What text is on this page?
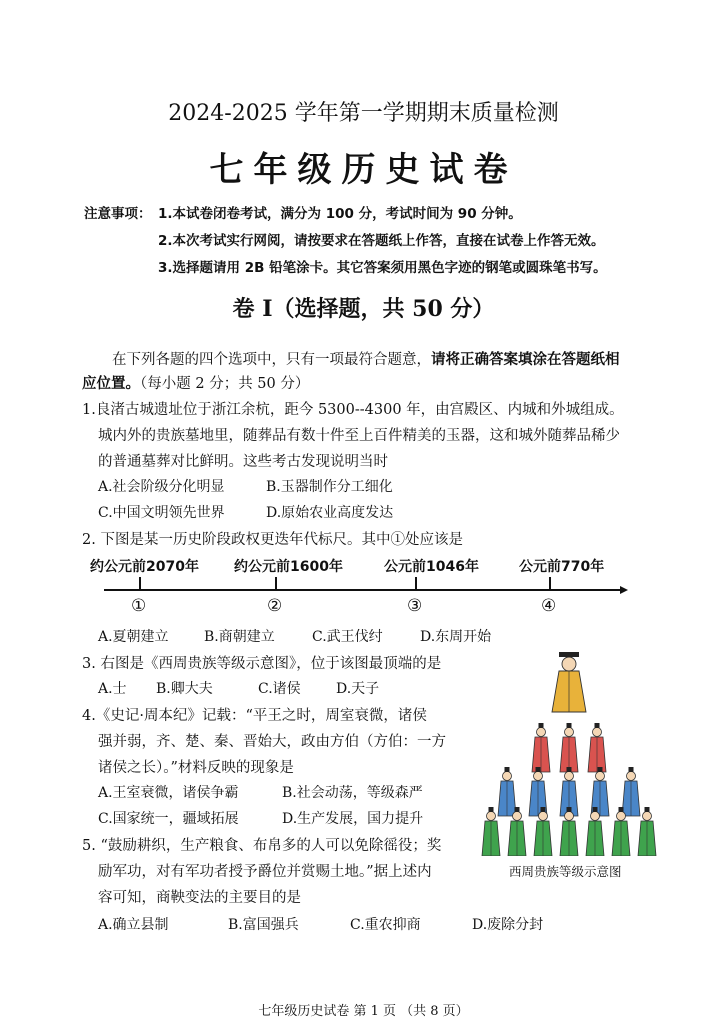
2024-2025 学年第一学期期末质量检测
七年级历史试卷
注意事项： 1.本试卷闭卷考试，满分为 100 分，考试时间为 90 分钟。
2.本次考试实行网阅，请按要求在答题纸上作答，直接在试卷上作答无效。
3.选择题请用 2B 铅笔涂卡。其它答案须用黑色字迹的钢笔或圆珠笔书写。
卷 I（选择题，共 50 分）
在下列各题的四个选项中，只有一项最符合题意，请将正确答案填涂在答题纸相
应位置。（每小题 2 分；共 50 分）
1.良渚古城遗址位于浙江余杭，距今 5300--4300 年，由宫殿区、内城和外城组成。
城内外的贵族墓地里，随葬品有数十件至上百件精美的玉器，这和城外随葬品稀少
的普通墓葬对比鲜明。这些考古发现说明当时
A.社会阶级分化明显	B.玉器制作分工细化
C.中国文明领先世界	D.原始农业高度发达
2. 下图是某一历史阶段政权更迭年代标尺。其中①处应该是
约公元前2070年	约公元前1600年	公元前1046年	公元前770年
①	②	③	④
A.夏朝建立	B.商朝建立	C.武王伐纣	D.东周开始
3. 右图是《西周贵族等级示意图》，位于该图最顶端的是
A.士 B.卿大夫	C.诸侯	D.天子
4.《史记·周本纪》记载：“平王之时，周室衰微，诸侯
强并弱，齐、楚、秦、晋始大，政由方伯（方伯：一方
诸侯之长）。”材料反映的现象是
A.王室衰微，诸侯争霸	B.社会动荡，等级森严
C.国家统一，疆域拓展	D.生产发展，国力提升
5. “鼓励耕织，生产粮食、布帛多的人可以免除徭役；奖
励军功，对有军功者授予爵位并赏赐土地。”据上述内
容可知，商鞅变法的主要目的是
A.确立县制	B.富国强兵	C.重农抑商	D.废除分封
西周贵族等级示意图
七年级历史试卷 第 1 页 （共 8 页）
